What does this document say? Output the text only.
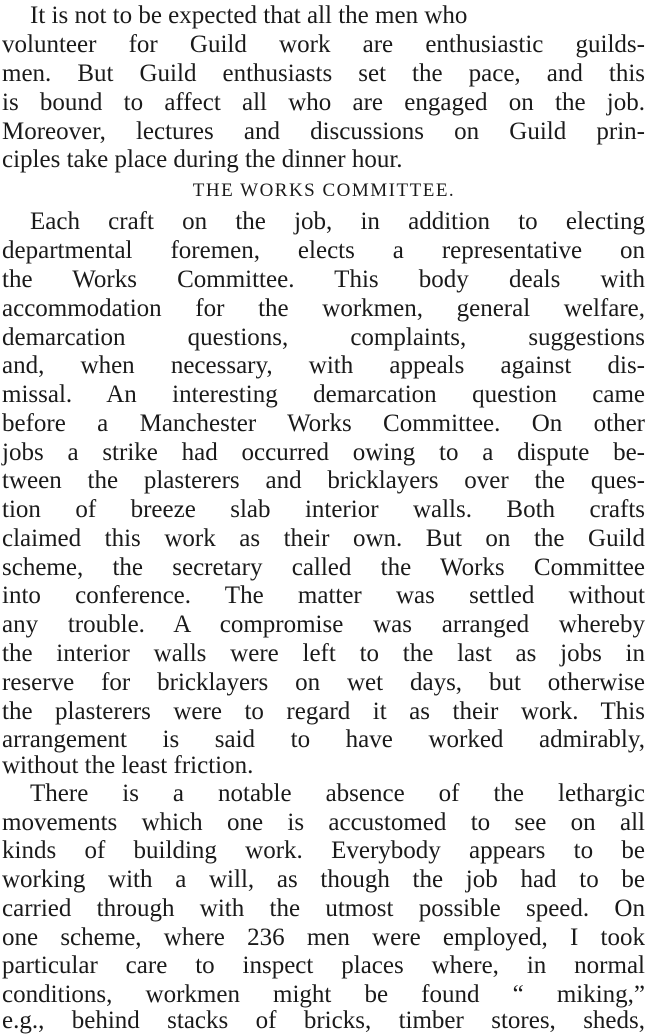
It is not to be expected that all the men who
volunteer for Guild work are enthusiastic guilds-
men. But Guild enthusiasts set the pace, and this
is bound to affect all who are engaged on the job.
Moreover, lectures and discussions on Guild prin-
ciples take place during the dinner hour.
THE WORKS COMMITTEE.
Each craft on the job, in addition to electing
departmental foremen, elects a representative on
the Works Committee. This body deals with
accommodation for the workmen, general welfare,
demarcation questions, complaints, suggestions
and, when necessary, with appeals against dis-
missal. An interesting demarcation question came
before a Manchester Works Committee. On other
jobs a strike had occurred owing to a dispute be-
tween the plasterers and bricklayers over the ques-
tion of breeze slab interior walls. Both crafts
claimed this work as their own. But on the Guild
scheme, the secretary called the Works Committee
into conference. The matter was settled without
any trouble. A compromise was arranged whereby
the interior walls were left to the last as jobs in
reserve for bricklayers on wet days, but otherwise
the plasterers were to regard it as their work. This
arrangement is said to have worked admirably,
without the least friction.
There is a notable absence of the lethargic
movements which one is accustomed to see on all
kinds of building work. Everybody appears to be
working with a will, as though the job had to be
carried through with the utmost possible speed. On
one scheme, where 236 men were employed, I took
particular care to inspect places where, in normal
conditions, workmen might be found “ miking,”
e.g., behind stacks of bricks, timber stores, sheds,
